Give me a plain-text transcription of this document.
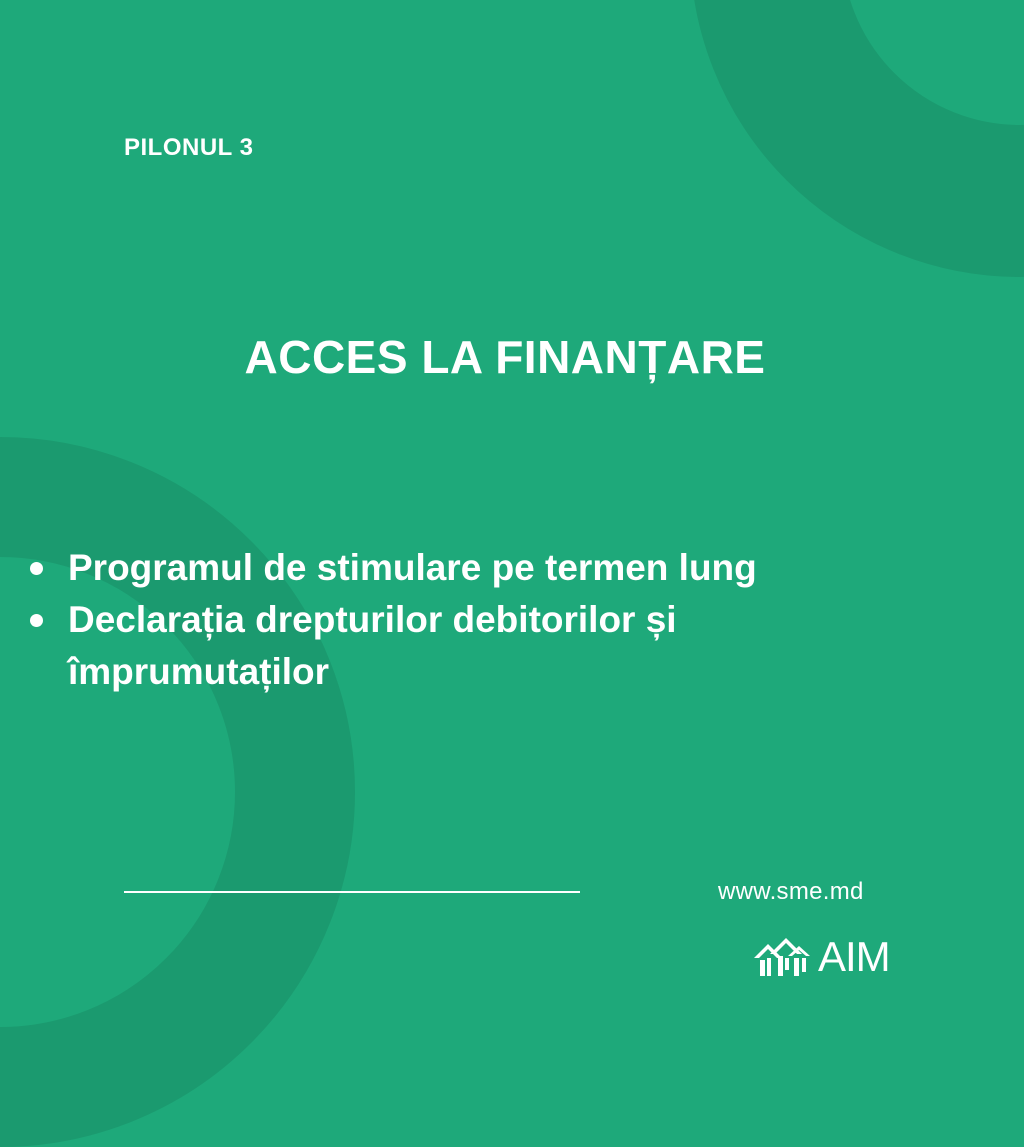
PILONUL 3

ACCES LA FINANȚARE
Programul de stimulare pe termen lung
Declarația drepturilor debitorilor și împrumutaților

www.sme.md

AIM
